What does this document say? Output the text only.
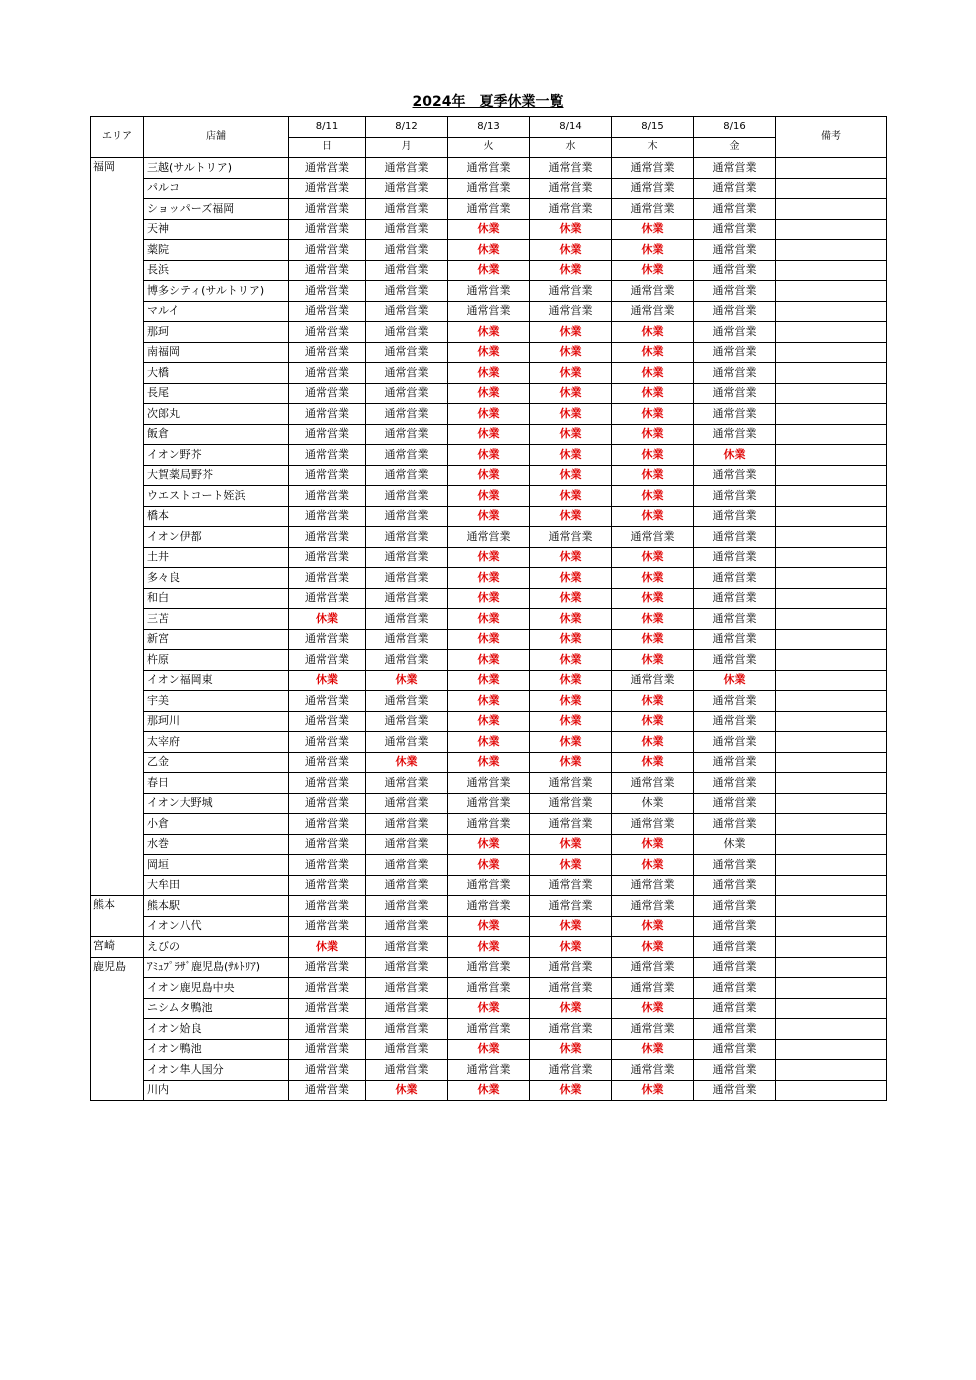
2024年　夏季休業一覧
エリア	店舗	8/11	8/12	8/13	8/14	8/15	8/16	備考
		日	月	火	水	木	金	
福岡	三越(サルトリア)	通常営業	通常営業	通常営業	通常営業	通常営業	通常営業	
	パルコ	通常営業	通常営業	通常営業	通常営業	通常営業	通常営業	
	ショッパーズ福岡	通常営業	通常営業	通常営業	通常営業	通常営業	通常営業	
	天神	通常営業	通常営業	休業	休業	休業	通常営業	
	薬院	通常営業	通常営業	休業	休業	休業	通常営業	
	長浜	通常営業	通常営業	休業	休業	休業	通常営業	
	博多シティ(サルトリア)	通常営業	通常営業	通常営業	通常営業	通常営業	通常営業	
	マルイ	通常営業	通常営業	通常営業	通常営業	通常営業	通常営業	
	那珂	通常営業	通常営業	休業	休業	休業	通常営業	
	南福岡	通常営業	通常営業	休業	休業	休業	通常営業	
	大橋	通常営業	通常営業	休業	休業	休業	通常営業	
	長尾	通常営業	通常営業	休業	休業	休業	通常営業	
	次郎丸	通常営業	通常営業	休業	休業	休業	通常営業	
	飯倉	通常営業	通常営業	休業	休業	休業	通常営業	
	イオン野芥	通常営業	通常営業	休業	休業	休業	休業	
	大賀薬局野芥	通常営業	通常営業	休業	休業	休業	通常営業	
	ウエストコート姪浜	通常営業	通常営業	休業	休業	休業	通常営業	
	橋本	通常営業	通常営業	休業	休業	休業	通常営業	
	イオン伊都	通常営業	通常営業	通常営業	通常営業	通常営業	通常営業	
	土井	通常営業	通常営業	休業	休業	休業	通常営業	
	多々良	通常営業	通常営業	休業	休業	休業	通常営業	
	和白	通常営業	通常営業	休業	休業	休業	通常営業	
	三苫	休業	通常営業	休業	休業	休業	通常営業	
	新宮	通常営業	通常営業	休業	休業	休業	通常営業	
	杵原	通常営業	通常営業	休業	休業	休業	通常営業	
	イオン福岡東	休業	休業	休業	休業	通常営業	休業	
	宇美	通常営業	通常営業	休業	休業	休業	通常営業	
	那珂川	通常営業	通常営業	休業	休業	休業	通常営業	
	太宰府	通常営業	通常営業	休業	休業	休業	通常営業	
	乙金	通常営業	休業	休業	休業	休業	通常営業	
	春日	通常営業	通常営業	通常営業	通常営業	通常営業	通常営業	
	イオン大野城	通常営業	通常営業	通常営業	通常営業	休業	通常営業	
	小倉	通常営業	通常営業	通常営業	通常営業	通常営業	通常営業	
	水巻	通常営業	通常営業	休業	休業	休業	休業	
	岡垣	通常営業	通常営業	休業	休業	休業	通常営業	
	大牟田	通常営業	通常営業	通常営業	通常営業	通常営業	通常営業	
熊本	熊本駅	通常営業	通常営業	通常営業	通常営業	通常営業	通常営業	
	イオン八代	通常営業	通常営業	休業	休業	休業	通常営業	
宮崎	えびの	休業	通常営業	休業	休業	休業	通常営業	
鹿児島	ｱﾐｭﾌﾟﾗｻﾞ鹿児島(ｻﾙﾄﾘｱ)	通常営業	通常営業	通常営業	通常営業	通常営業	通常営業	
	イオン鹿児島中央	通常営業	通常営業	通常営業	通常営業	通常営業	通常営業	
	ニシムタ鴨池	通常営業	通常営業	休業	休業	休業	通常営業	
	イオン姶良	通常営業	通常営業	通常営業	通常営業	通常営業	通常営業	
	イオン鴨池	通常営業	通常営業	休業	休業	休業	通常営業	
	イオン隼人国分	通常営業	通常営業	通常営業	通常営業	通常営業	通常営業	
	川内	通常営業	休業	休業	休業	休業	通常営業	
